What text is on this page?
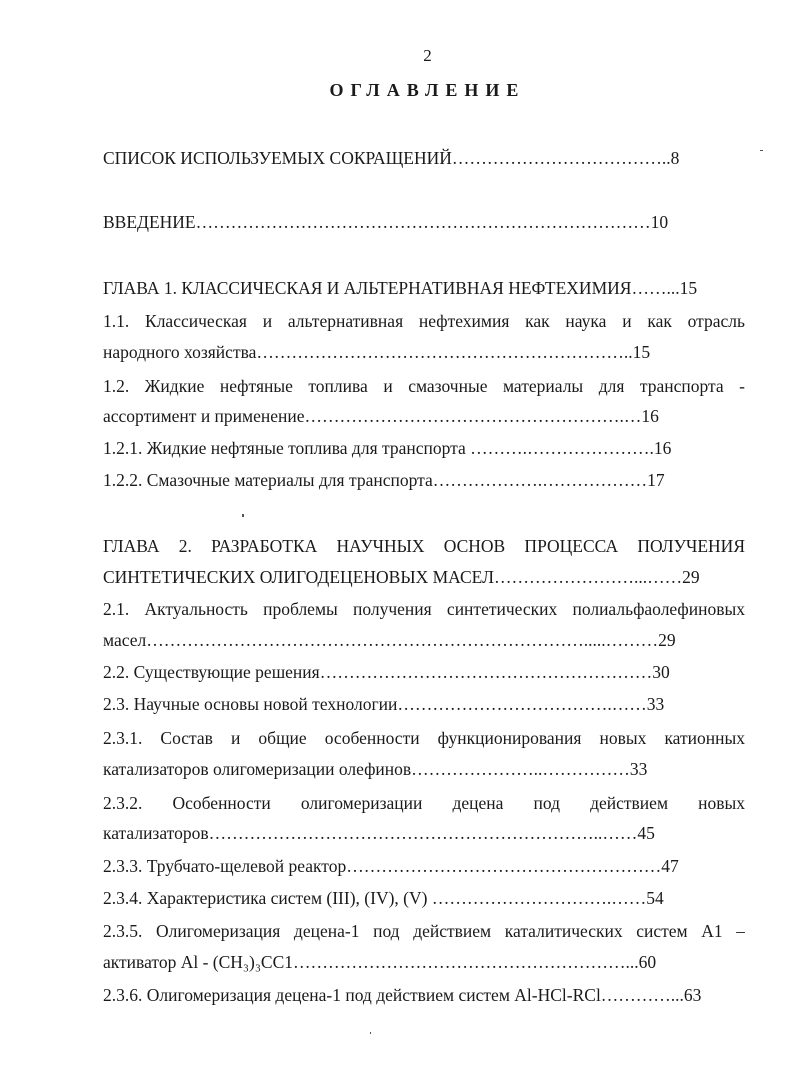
2
ОГЛАВЛЕНИЕ
СПИСОК ИСПОЛЬЗУЕМЫХ СОКРАЩЕНИЙ………………………………..8
ВВЕДЕНИЕ……………………………………………………………………10
ГЛАВА 1. КЛАССИЧЕСКАЯ И АЛЬТЕРНАТИВНАЯ НЕФТЕХИМИЯ……...15
1.1. Классическая и альтернативная нефтехимия как наука и как отрасль
народного хозяйства………………………………………………………..15
1.2. Жидкие нефтяные топлива и смазочные материалы для транспорта -
ассортимент и применение……………………………………………….…16
1.2.1. Жидкие нефтяные топлива для транспорта ……….………………….16
1.2.2. Смазочные материалы для транспорта……………….………………17
ГЛАВА 2. РАЗРАБОТКА НАУЧНЫХ ОСНОВ ПРОЦЕССА ПОЛУЧЕНИЯ
СИНТЕТИЧЕСКИХ ОЛИГОДЕЦЕНОВЫХ МАСЕЛ……………………...……29
2.1. Актуальность проблемы получения синтетических полиальфаолефиновых
масел………………………………………………………………….....………29
2.2. Существующие решения…………………………………………………30
2.3. Научные основы новой технологии……………………………….……33
2.3.1. Состав и общие особенности функционирования новых катионных
катализаторов олигомеризации олефинов…………………..……………33
2.3.2. Особенности олигомеризации децена под действием новых
катализаторов…………………………………………………………..……45
2.3.3. Трубчато-щелевой реактор………………………………………………47
2.3.4. Характеристика систем (III), (IV), (V) ………………………….……54
2.3.5. Олигомеризация децена-1 под действием каталитических систем А1 –
активатор Al - (CH₃)₃CC1…………………………………………………...60
2.3.6. Олигомеризация децена-1 под действием систем Al-HCl-RCl…………...63
